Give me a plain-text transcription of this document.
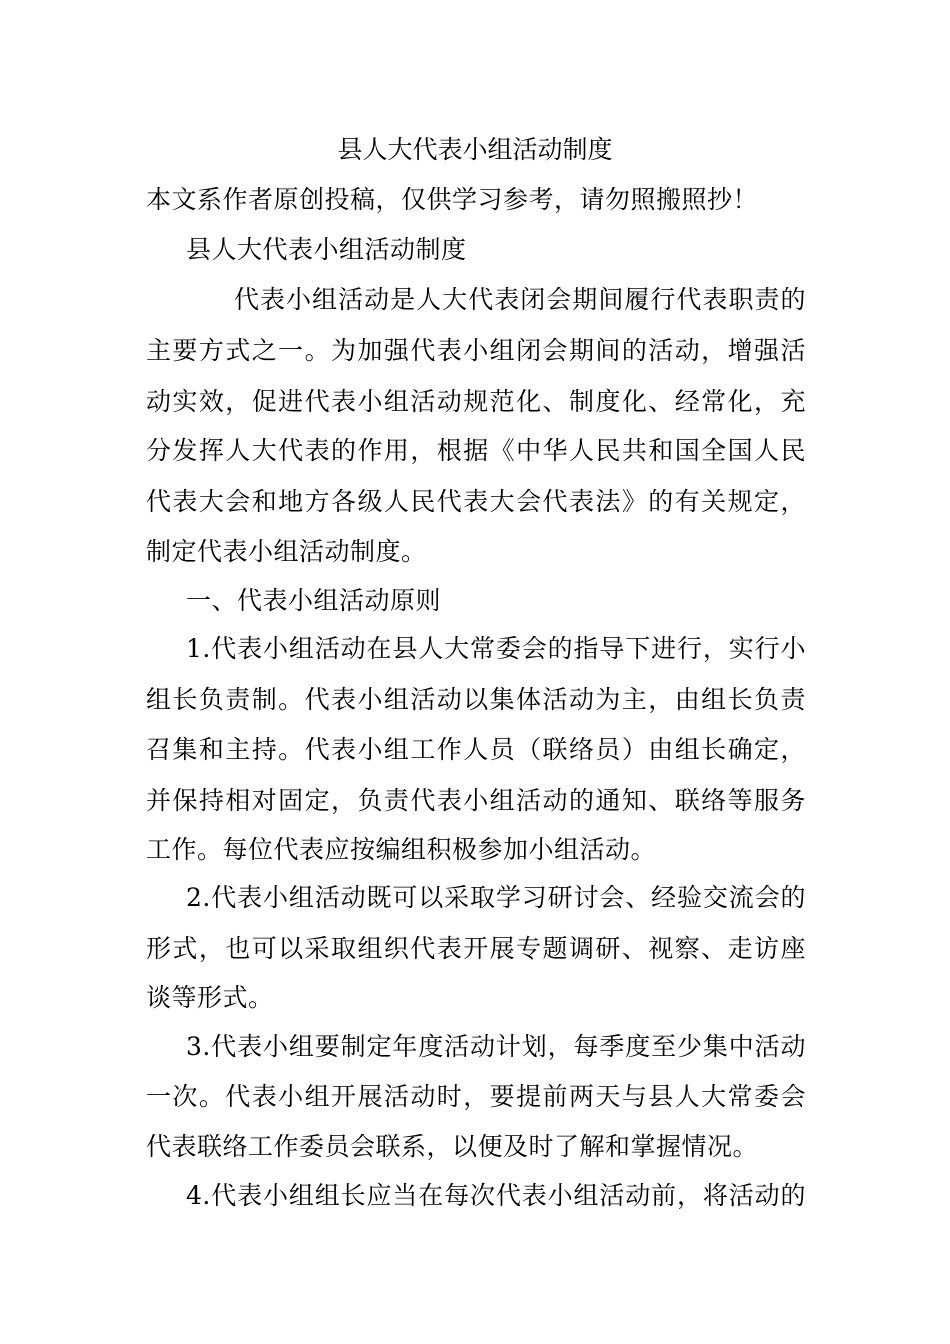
县人大代表小组活动制度
本文系作者原创投稿，仅供学习参考，请勿照搬照抄！
县人大代表小组活动制度
代表小组活动是人大代表闭会期间履行代表职责的
主要方式之一。为加强代表小组闭会期间的活动，增强活
动实效，促进代表小组活动规范化、制度化、经常化，充
分发挥人大代表的作用，根据《中华人民共和国全国人民
代表大会和地方各级人民代表大会代表法》的有关规定，
制定代表小组活动制度。
一、代表小组活动原则
1.代表小组活动在县人大常委会的指导下进行，实行小
组长负责制。代表小组活动以集体活动为主，由组长负责
召集和主持。代表小组工作人员（联络员）由组长确定，
并保持相对固定，负责代表小组活动的通知、联络等服务
工作。每位代表应按编组积极参加小组活动。
2.代表小组活动既可以采取学习研讨会、经验交流会的
形式，也可以采取组织代表开展专题调研、视察、走访座
谈等形式。
3.代表小组要制定年度活动计划，每季度至少集中活动
一次。代表小组开展活动时，要提前两天与县人大常委会
代表联络工作委员会联系，以便及时了解和掌握情况。
4.代表小组组长应当在每次代表小组活动前，将活动的
